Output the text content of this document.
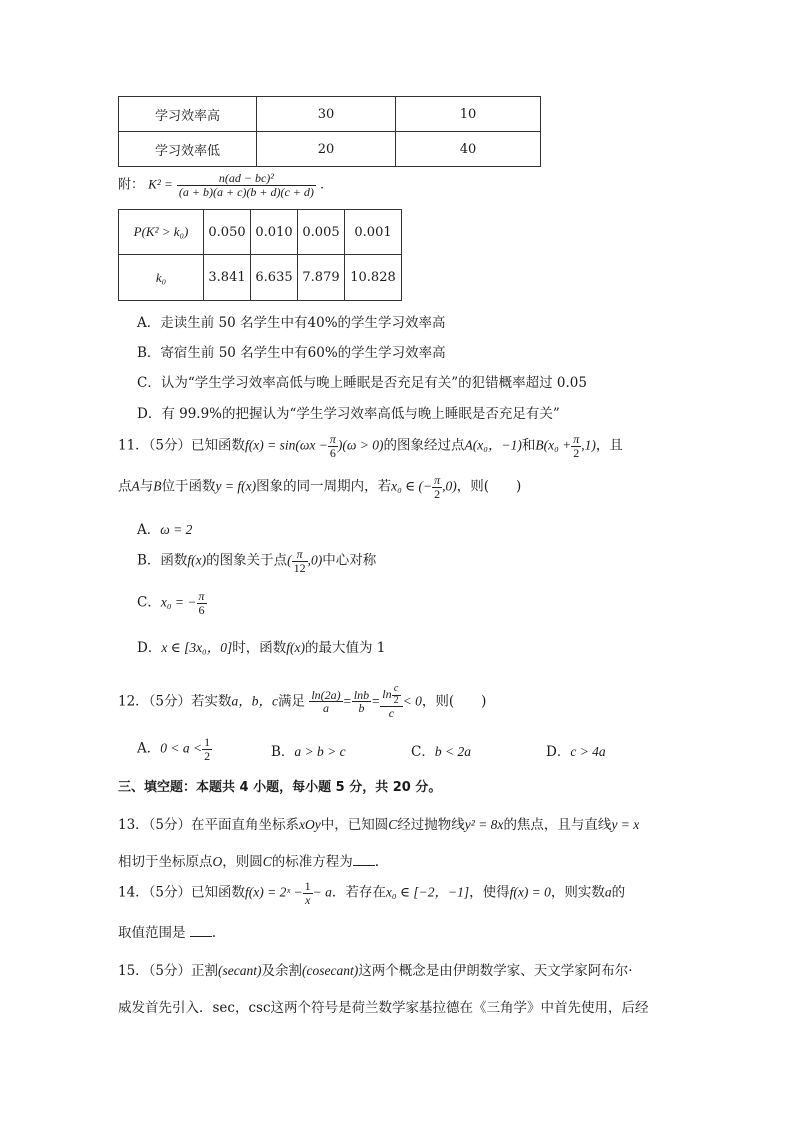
学习效率高	30	10
学习效率低	20	40
附： $K^2 = \frac{\text{n(ad − bc)²}}{(a + b)(a + c)(b + d)(c + d)}$ .
P(K² > k₀)	0.050	0.010	0.005	0.001
k₀	3.841	6.635	7.879	10.828
A．走读生前 50 名学生中有40%的学生学习效率高
B．寄宿生前 50 名学生中有60%的学生学习效率高
C．认为“学生学习效率高低与晚上睡眠是否充足有关”的犯错概率超过 0.05
D．有 99.9%的把握认为“学生学习效率高低与晚上睡眠是否充足有关”
11．（5分）已知函数$f(x) = \sin(\omega x - \frac{\pi}{6} )(\omega > 0)$的图象经过点A(x₀，−1)和$B(x_0 + \frac{\pi}{2} ,1)$，且
点A与B位于函数y = f(x)图象的同一周期内，若x₀ ∈ (− $\frac{\pi}{2} ,0$)，则(　　)
A．ω = 2
B．函数f(x)的图象关于点( $\frac{\pi}{12} ,0$)中心对称
C．x₀ = − $\frac{\pi}{6}$
D．x ∈ [3x₀，0]时，函数f(x)的最大值为 1
12．（5分）若实数a，b，c满足 $\frac{\ln(2a)}{a} = \frac{\ln b}{b} = \frac{\ln \frac{c}{2}}{c} < 0$，则(　　)
A．$0 < a < \frac{1}{2}$	B．a > b > c	C．b < 2a	D．c > 4a
三、填空题：本题共 4 小题，每小题 5 分，共 20 分。
13．（5分）在平面直角坐标系xOy中，已知圆C经过抛物线y² = 8x的焦点，且与直线y = x
相切于坐标原点O，则圆C的标准方程为 .
14．（5分）已知函数f(x) = 2ˣ − $\frac{1}{x} - a$．若存在x₀ ∈ [−2，−1]，使得f(x) = 0，则实数a的
取值范围是 .
15．（5分）正割(secant)及余割(cosecant)这两个概念是由伊朗数学家、天文学家阿布尔·
威发首先引入．sec，csc这两个符号是荷兰数学家基拉德在《三角学》中首先使用，后经
